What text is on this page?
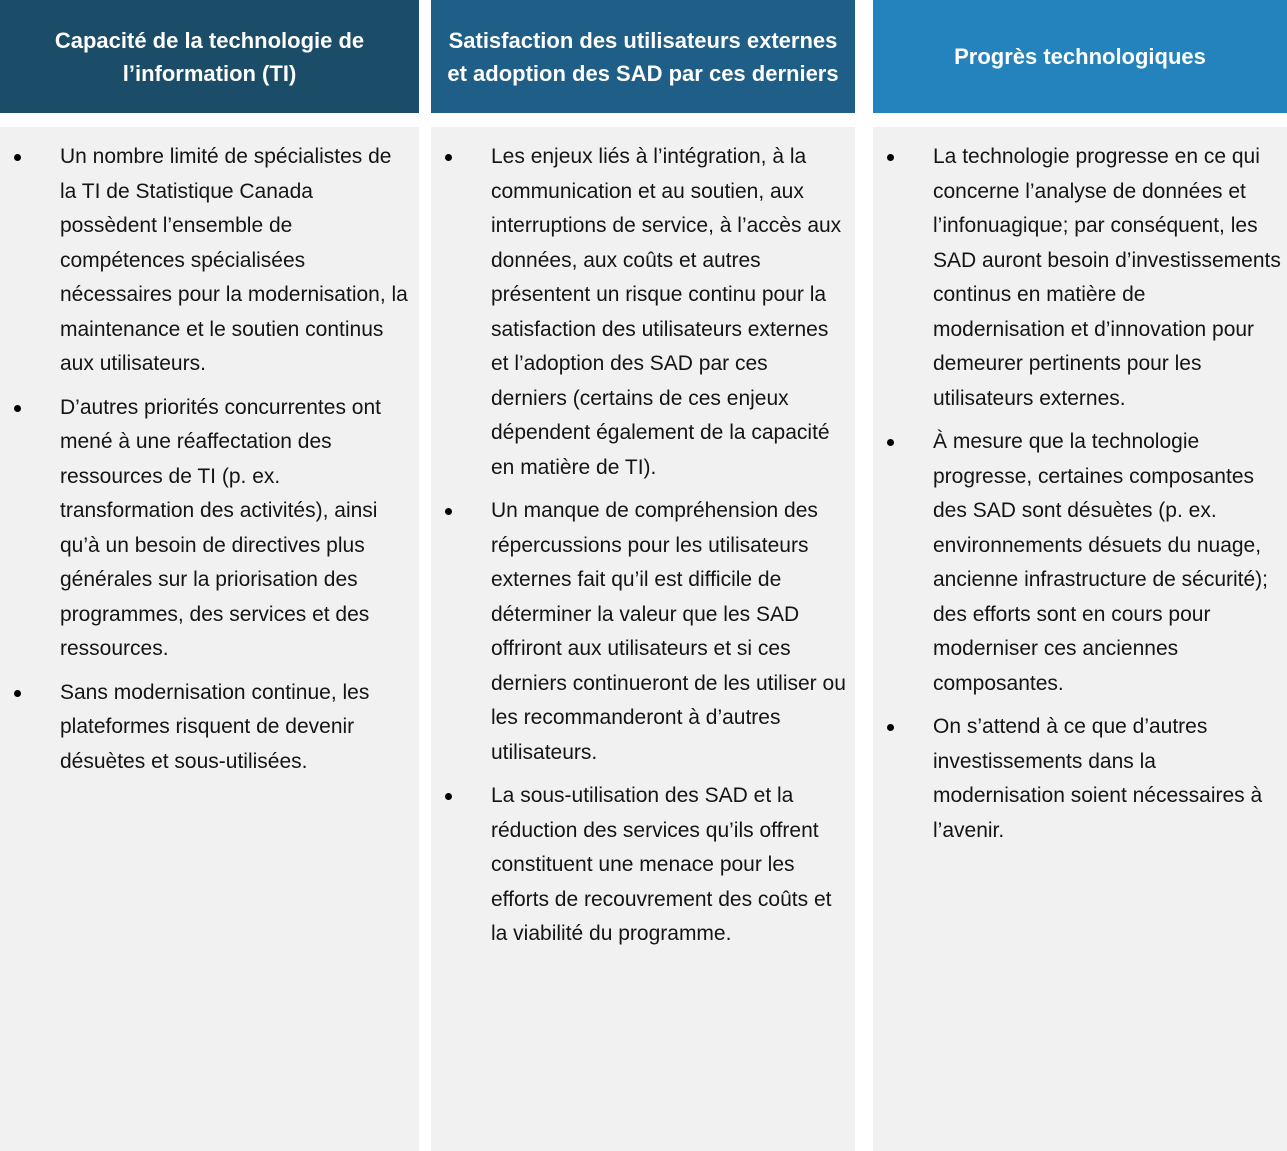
Capacité de la technologie de l’information (TI)
Un nombre limité de spécialistes de la TI de Statistique Canada possèdent l’ensemble de compétences spécialisées nécessaires pour la modernisation, la maintenance et le soutien continus aux utilisateurs.
D’autres priorités concurrentes ont mené à une réaffectation des ressources de TI (p. ex. transformation des activités), ainsi qu’à un besoin de directives plus générales sur la priorisation des programmes, des services et des ressources.
Sans modernisation continue, les plateformes risquent de devenir désuètes et sous-utilisées.
Satisfaction des utilisateurs externes et adoption des SAD par ces derniers
Les enjeux liés à l’intégration, à la communication et au soutien, aux interruptions de service, à l’accès aux données, aux coûts et autres présentent un risque continu pour la satisfaction des utilisateurs externes et l’adoption des SAD par ces derniers (certains de ces enjeux dépendent également de la capacité en matière de TI).
Un manque de compréhension des répercussions pour les utilisateurs externes fait qu’il est difficile de déterminer la valeur que les SAD offriront aux utilisateurs et si ces derniers continueront de les utiliser ou les recommanderont à d’autres utilisateurs.
La sous-utilisation des SAD et la réduction des services qu’ils offrent constituent une menace pour les efforts de recouvrement des coûts et la viabilité du programme.
Progrès technologiques
La technologie progresse en ce qui concerne l’analyse de données et l’infonuagique; par conséquent, les SAD auront besoin d’investissements continus en matière de modernisation et d’innovation pour demeurer pertinents pour les utilisateurs externes.
À mesure que la technologie progresse, certaines composantes des SAD sont désuètes (p. ex. environnements désuets du nuage, ancienne infrastructure de sécurité); des efforts sont en cours pour moderniser ces anciennes composantes.
On s’attend à ce que d’autres investissements dans la modernisation soient nécessaires à l’avenir.
